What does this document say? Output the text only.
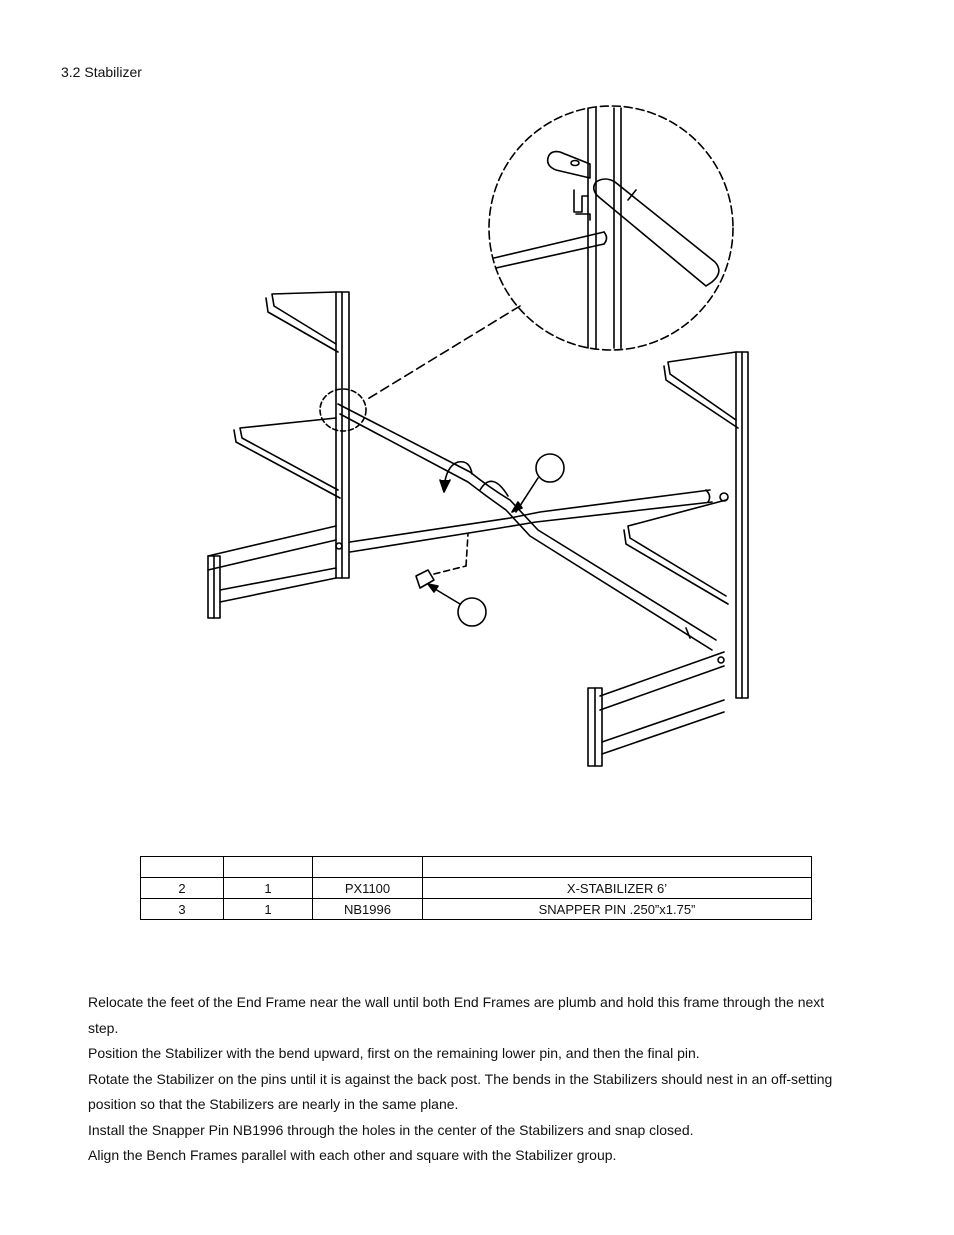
3.2 Stabilizer

2	1	PX1100	X-STABILIZER 6’
3	1	NB1996	SNAPPER PIN .250”x1.75”
Relocate the feet of the End Frame near the wall until both End Frames are plumb and hold this frame through the next step.
Position the Stabilizer with the bend upward, first on the remaining lower pin, and then the final pin.
Rotate the Stabilizer on the pins until it is against the back post. The bends in the Stabilizers should nest in an off-setting position so that the Stabilizers are nearly in the same plane.
Install the Snapper Pin NB1996 through the holes in the center of the Stabilizers and snap closed.
Align the Bench Frames parallel with each other and square with the Stabilizer group.
